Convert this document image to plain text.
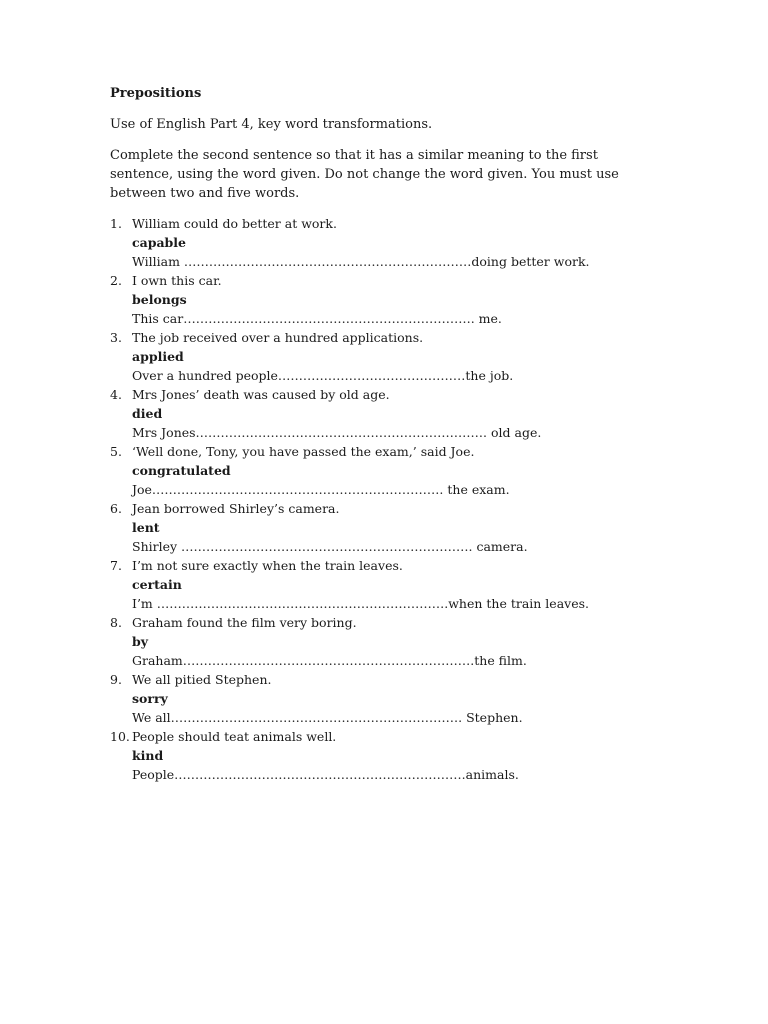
Prepositions
Use of English Part 4, key word transformations.
Complete the second sentence so that it has a similar meaning to the first sentence, using the word given. Do not change the word given. You must use between two and five words.
1. William could do better at work.
capable
William ……………………………………………………………doing better work.
2. I own this car.
belongs
This car……………………………………………………………. me.
3. The job received over a hundred applications.
applied
Over a hundred people………………………………………the job.
4. Mrs Jones’ death was caused by old age.
died
Mrs Jones……………………………………………………………. old age.
5. ‘Well done, Tony, you have passed the exam,’ said Joe.
congratulated
Joe……………………………………………………………. the exam.
6. Jean borrowed Shirley’s camera.
lent
Shirley ……………………………………………………………. camera.
7. I’m not sure exactly when the train leaves.
certain
I’m …………………………………………………………….when the train leaves.
8. Graham found the film very boring.
by
Graham…………………………………………………………….the film.
9. We all pitied Stephen.
sorry
We all……………………………………………………………. Stephen.
10. People should teat animals well.
kind
People…………………………………………………………….animals.
